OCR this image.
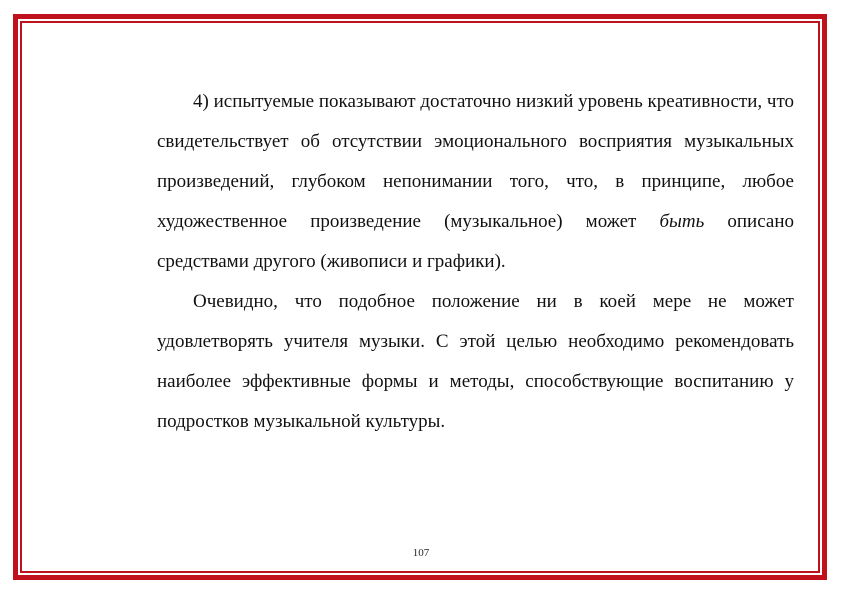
4) испытуемые показывают достаточно низкий уровень креативности, что свидетельствует об отсутствии эмоционального восприятия музыкальных произведений, глубоком непонимании того, что, в принципе, любое художественное произведение (музыкальное) может быть описано средствами другого (живописи и графики).

Очевидно, что подобное положение ни в коей мере не может удовлетворять учителя музыки. С этой целью необходимо рекомендовать наиболее эффективные формы и методы, способствующие воспитанию у подростков музыкальной культуры.

107
